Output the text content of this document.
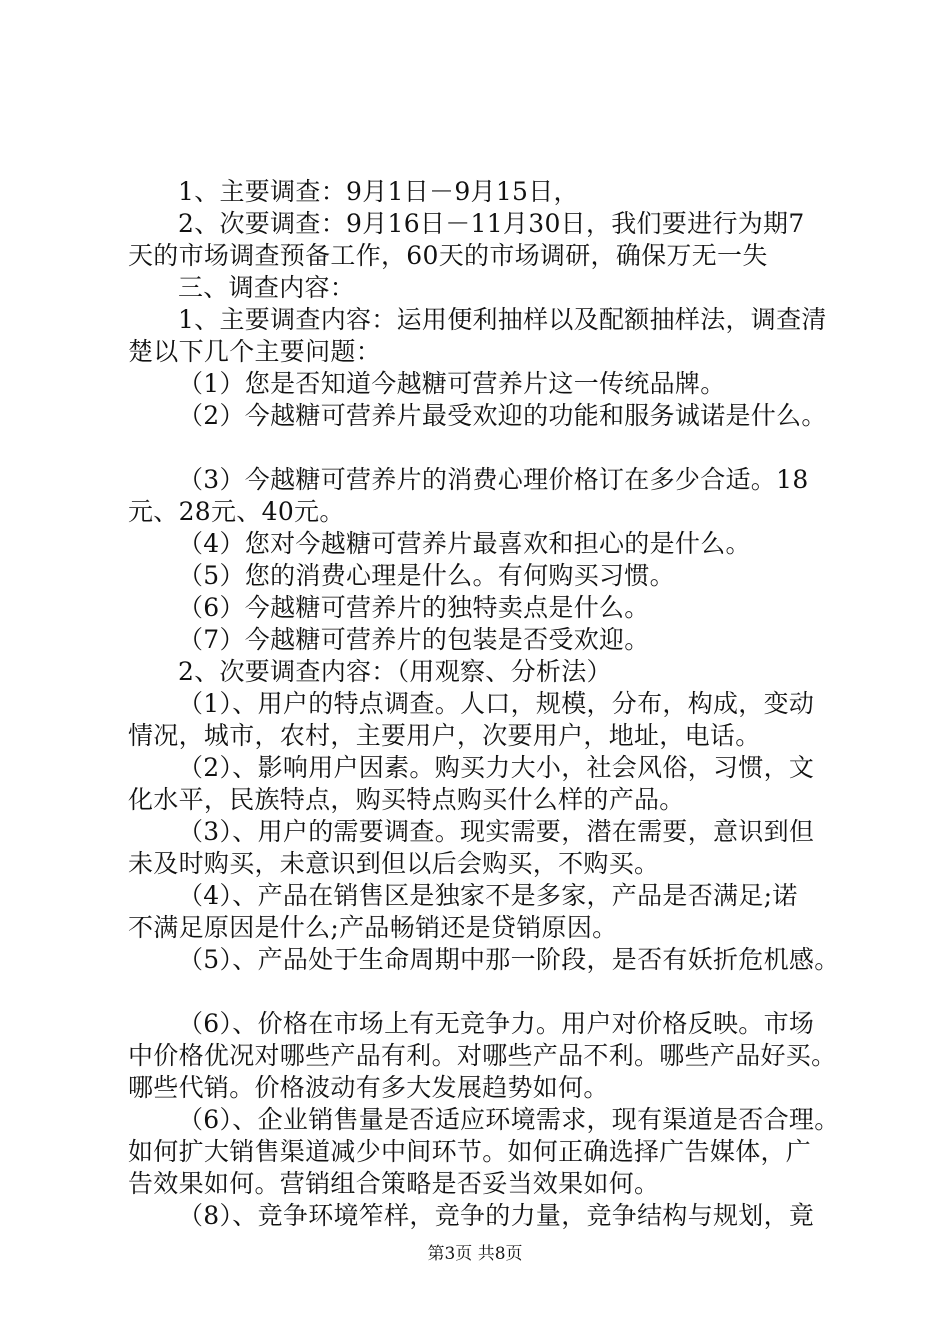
1、主要调查：9月1日－9月15日，
2、次要调查：9月16日－11月30日，我们要进行为期7
天的市场调查预备工作，60天的市场调研，确保万无一失
三、调查内容：
1、主要调查内容：运用便利抽样以及配额抽样法，调查清
楚以下几个主要问题：
（1）您是否知道今越糖可营养片这一传统品牌。
（2）今越糖可营养片最受欢迎的功能和服务诚诺是什么。
（3）今越糖可营养片的消费心理价格订在多少合适。18
元、28元、40元。
（4）您对今越糖可营养片最喜欢和担心的是什么。
（5）您的消费心理是什么。有何购买习惯。
（6）今越糖可营养片的独特卖点是什么。
（7）今越糖可营养片的包装是否受欢迎。
2、次要调查内容：（用观察、分析法）
（1）、用户的特点调查。人口，规模，分布，构成，变动
情况，城市，农村，主要用户，次要用户，地址，电话。
（2）、影响用户因素。购买力大小，社会风俗，习惯，文
化水平，民族特点，购买特点购买什么样的产品。
（3）、用户的需要调查。现实需要，潜在需要，意识到但
未及时购买，未意识到但以后会购买，不购买。
（4）、产品在销售区是独家不是多家，产品是否满足;诺
不满足原因是什么;产品畅销还是贷销原因。
（5）、产品处于生命周期中那一阶段，是否有妖折危机感。
（6）、价格在市场上有无竞争力。用户对价格反映。市场
中价格优况对哪些产品有利。对哪些产品不利。哪些产品好买。
哪些代销。价格波动有多大发展趋势如何。
（6）、企业销售量是否适应环境需求，现有渠道是否合理。
如何扩大销售渠道减少中间环节。如何正确选择广告媒体，广
告效果如何。营销组合策略是否妥当效果如何。
（8）、竞争环境笮样，竞争的力量，竞争结构与规划，竟
第3页 共8页
